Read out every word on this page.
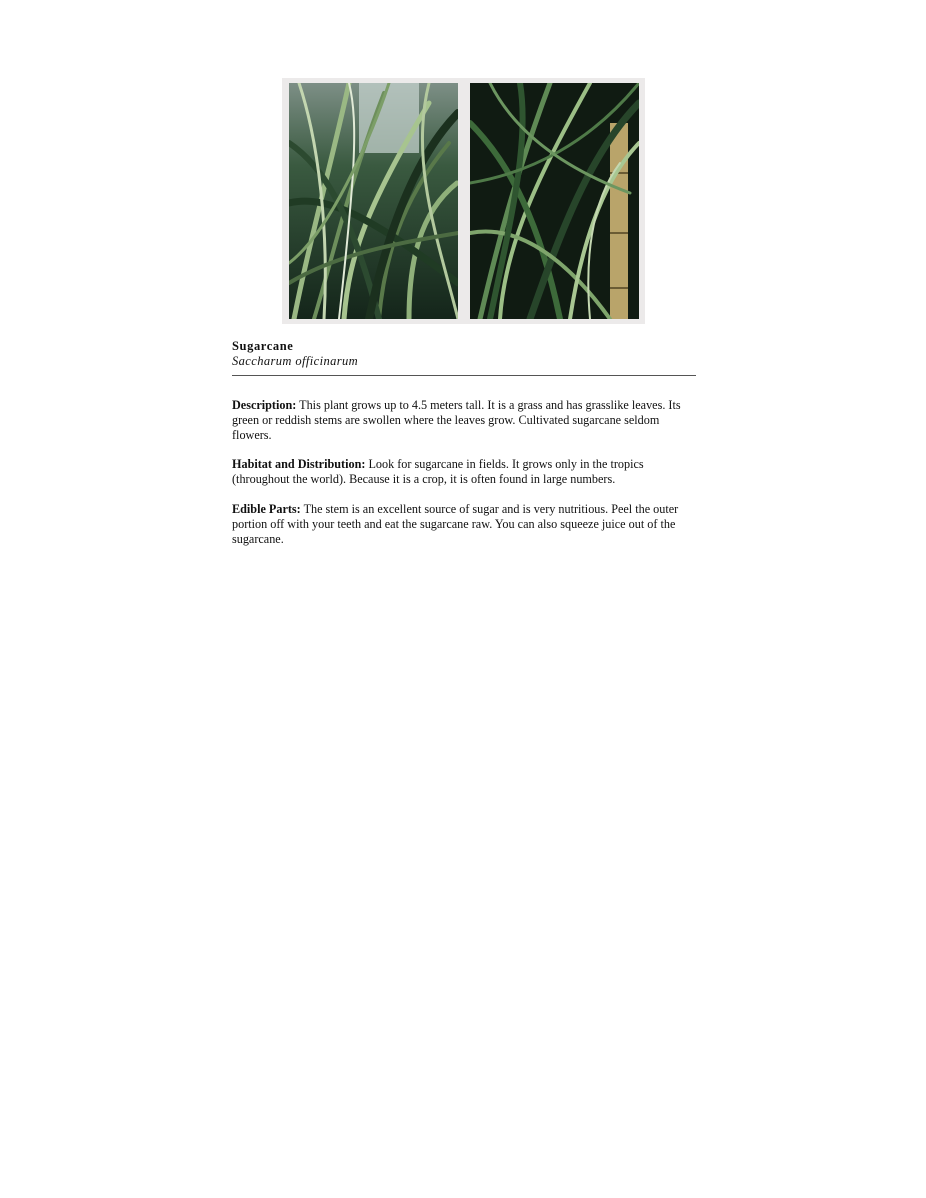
Sugarcane
Saccharum officinarum
Description: This plant grows up to 4.5 meters tall. It is a grass and has grasslike leaves. Its green or reddish stems are swollen where the leaves grow. Cultivated sugarcane seldom flowers.
Habitat and Distribution: Look for sugarcane in fields. It grows only in the tropics (throughout the world). Because it is a crop, it is often found in large numbers.
Edible Parts: The stem is an excellent source of sugar and is very nutritious. Peel the outer portion off with your teeth and eat the sugarcane raw. You can also squeeze juice out of the sugarcane.
